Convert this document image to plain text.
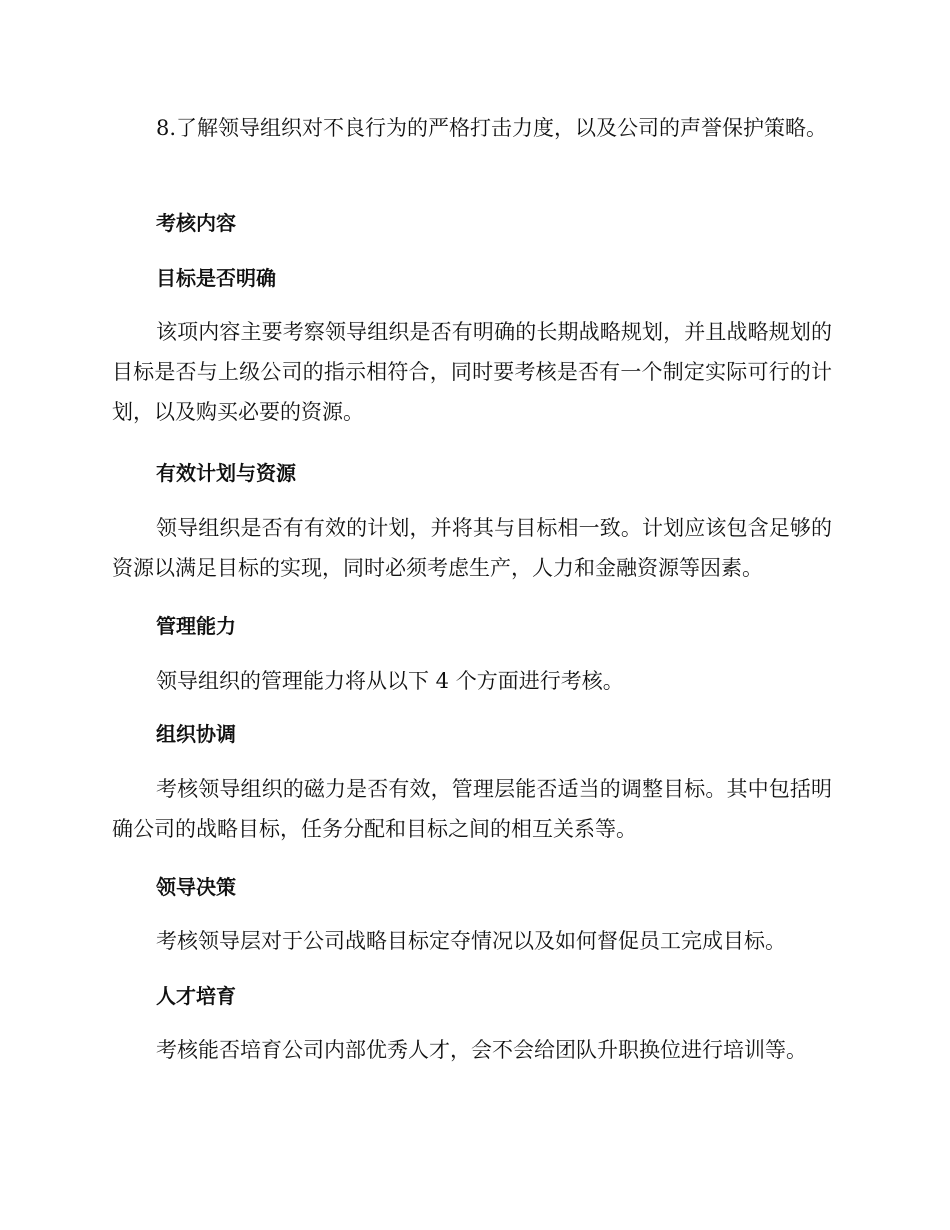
8.了解领导组织对不良行为的严格打击力度，以及公司的声誉保护策略。

考核内容
目标是否明确

该项内容主要考察领导组织是否有明确的长期战略规划，并且战略规划的目标是否与上级公司的指示相符合，同时要考核是否有一个制定实际可行的计划，以及购买必要的资源。

有效计划与资源

领导组织是否有有效的计划，并将其与目标相一致。计划应该包含足够的资源以满足目标的实现，同时必须考虑生产，人力和金融资源等因素。

管理能力

领导组织的管理能力将从以下 4 个方面进行考核。

组织协调

考核领导组织的磁力是否有效，管理层能否适当的调整目标。其中包括明确公司的战略目标，任务分配和目标之间的相互关系等。

领导决策

考核领导层对于公司战略目标定夺情况以及如何督促员工完成目标。

人才培育

考核能否培育公司内部优秀人才，会不会给团队升职换位进行培训等。
